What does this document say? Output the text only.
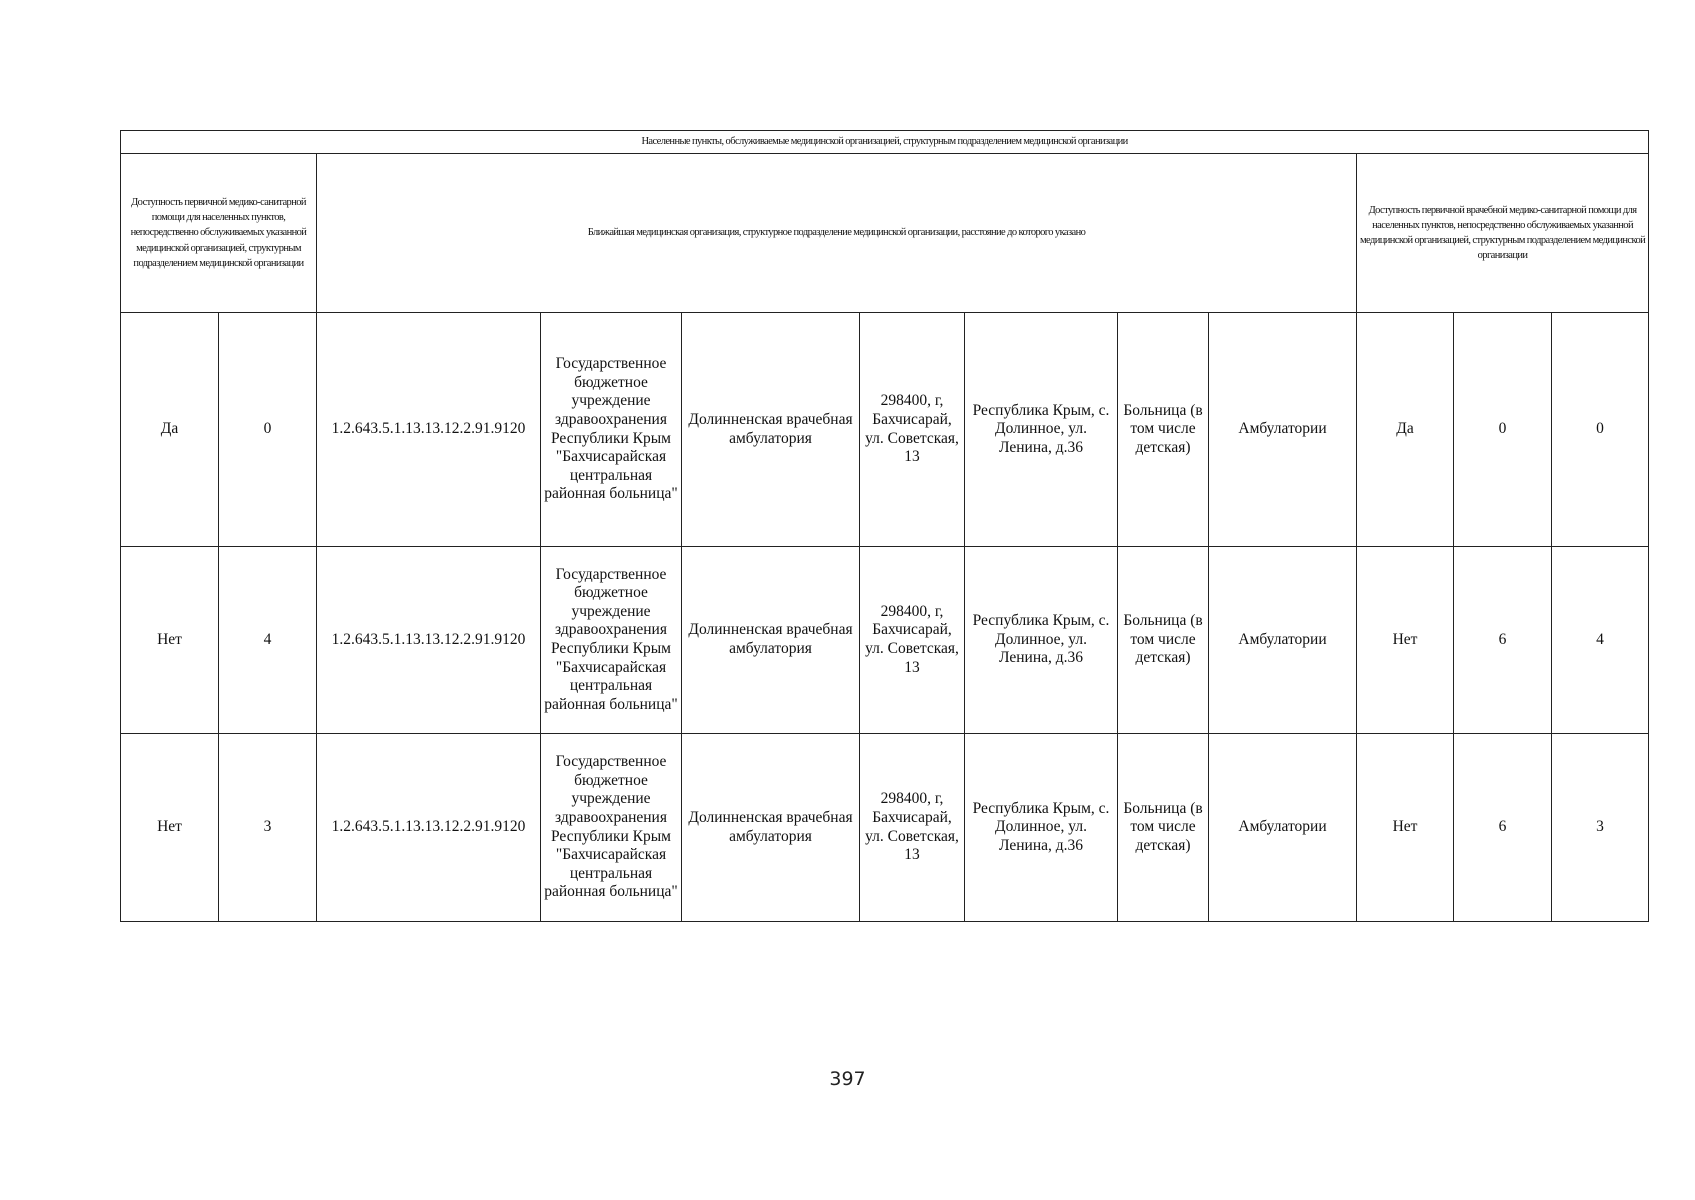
Населенные пункты, обслуживаемые медицинской организацией, структурным подразделением медицинской организации											
Доступность первичной медико-санитарной помощи для населенных пунктов, непосредственно обслуживаемых указанной медицинской организацией, структурным подразделением медицинской организации		Ближайшая медицинская организация, структурное подразделение медицинской организации, расстояние до которого указано							Доступность первичной врачебной медико-санитарной помощи для населенных пунктов, непосредственно обслуживаемых указанной медицинской организацией, структурным подразделением медицинской организации		
Да	0	1.2.643.5.1.13.13.12.2.91.9120	Государственное бюджетное учреждение здравоохранения Республики Крым "Бахчисарайская центральная районная больница"	Долинненская врачебная амбулатория	298400, г, Бахчисарай, ул. Советская, 13	Республика Крым, с. Долинное, ул. Ленина, д.36	Больница (в том числе детская)	Амбулатории	Да	0	0
Нет	4	1.2.643.5.1.13.13.12.2.91.9120	Государственное бюджетное учреждение здравоохранения Республики Крым "Бахчисарайская центральная районная больница"	Долинненская врачебная амбулатория	298400, г, Бахчисарай, ул. Советская, 13	Республика Крым, с. Долинное, ул. Ленина, д.36	Больница (в том числе детская)	Амбулатории	Нет	6	4
Нет	3	1.2.643.5.1.13.13.12.2.91.9120	Государственное бюджетное учреждение здравоохранения Республики Крым "Бахчисарайская центральная районная больница"	Долинненская врачебная амбулатория	298400, г, Бахчисарай, ул. Советская, 13	Республика Крым, с. Долинное, ул. Ленина, д.36	Больница (в том числе детская)	Амбулатории	Нет	6	3
397
